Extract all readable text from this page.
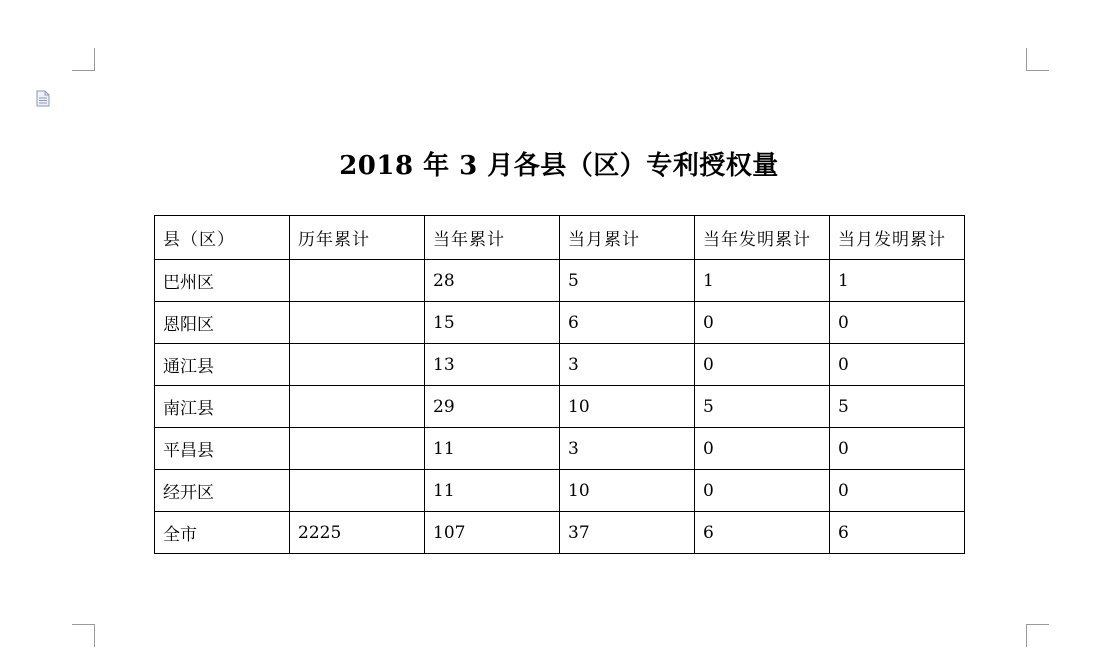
2018 年 3 月各县（区）专利授权量
县（区）	历年累计	当年累计	当月累计	当年发明累计	当月发明累计
巴州区		28	5	1	1
恩阳区		15	6	0	0
通江县		13	3	0	0
南江县		29	10	5	5
平昌县		11	3	0	0
经开区		11	10	0	0
全市	2225	107	37	6	6
